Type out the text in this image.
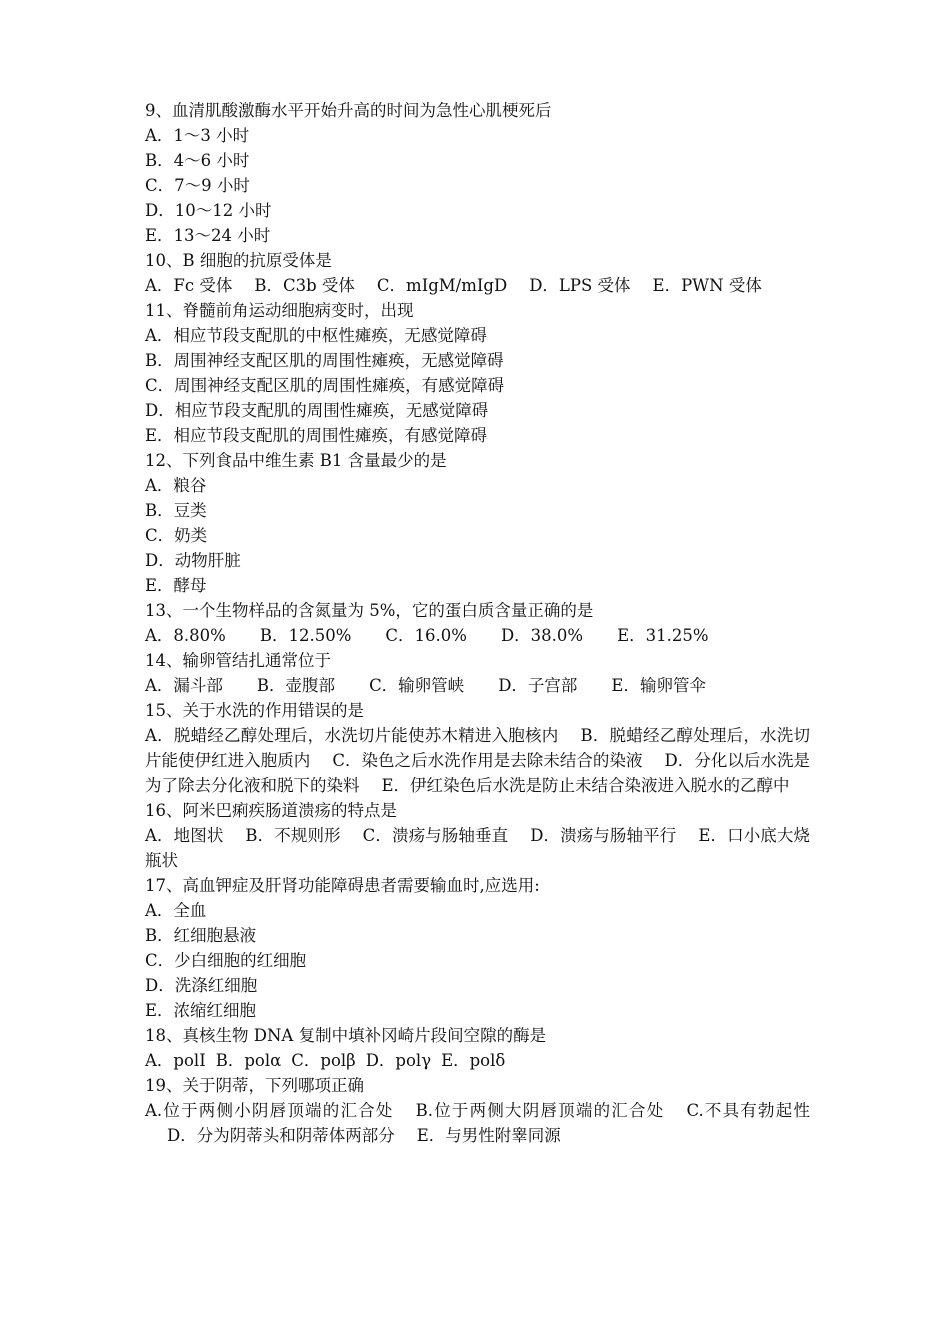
9、血清肌酸激酶水平开始升高的时间为急性心肌梗死后
A．1～3 小时
B．4～6 小时
C．7～9 小时
D．10～12 小时
E．13～24 小时
10、B 细胞的抗原受体是
A．Fc 受体 B．C3b 受体 C．mIgM/mIgD D．LPS 受体 E．PWN 受体
11、脊髓前角运动细胞病变时，出现
A．相应节段支配肌的中枢性瘫痪，无感觉障碍
B．周围神经支配区肌的周围性瘫痪，无感觉障碍
C．周围神经支配区肌的周围性瘫痪，有感觉障碍
D．相应节段支配肌的周围性瘫痪，无感觉障碍
E．相应节段支配肌的周围性瘫痪，有感觉障碍
12、下列食品中维生素 B1 含量最少的是
A．粮谷
B．豆类
C．奶类
D．动物肝脏
E．酵母
13、一个生物样品的含氮量为 5%，它的蛋白质含量正确的是
A．8.80% B．12.50% C．16.0% D．38.0% E．31.25%
14、输卵管结扎通常位于
A．漏斗部 B．壶腹部 C．输卵管峡 D．子宫部 E．输卵管伞
15、关于水洗的作用错误的是
A．脱蜡经乙醇处理后，水洗切片能使苏木精进入胞核内 B．脱蜡经乙醇处理后，水洗切片能使伊红进入胞质内 C．染色之后水洗作用是去除未结合的染液 D．分化以后水洗是为了除去分化液和脱下的染料 E．伊红染色后水洗是防止未结合染液进入脱水的乙醇中
16、阿米巴痢疾肠道溃疡的特点是
A．地图状 B．不规则形 C．溃疡与肠轴垂直 D．溃疡与肠轴平行 E．口小底大烧瓶状
17、高血钾症及肝肾功能障碍患者需要输血时,应选用:
A．全血
B．红细胞悬液
C．少白细胞的红细胞
D．洗涤红细胞
E．浓缩红细胞
18、真核生物 DNA 复制中填补冈崎片段间空隙的酶是
A．polⅠ B．polα C．polβ D．polγ E．polδ
19、关于阴蒂，下列哪项正确
A.位于两侧小阴唇顶端的汇合处 B.位于两侧大阴唇顶端的汇合处 C.不具有勃起性D．分为阴蒂头和阴蒂体两部分 E．与男性附睾同源
